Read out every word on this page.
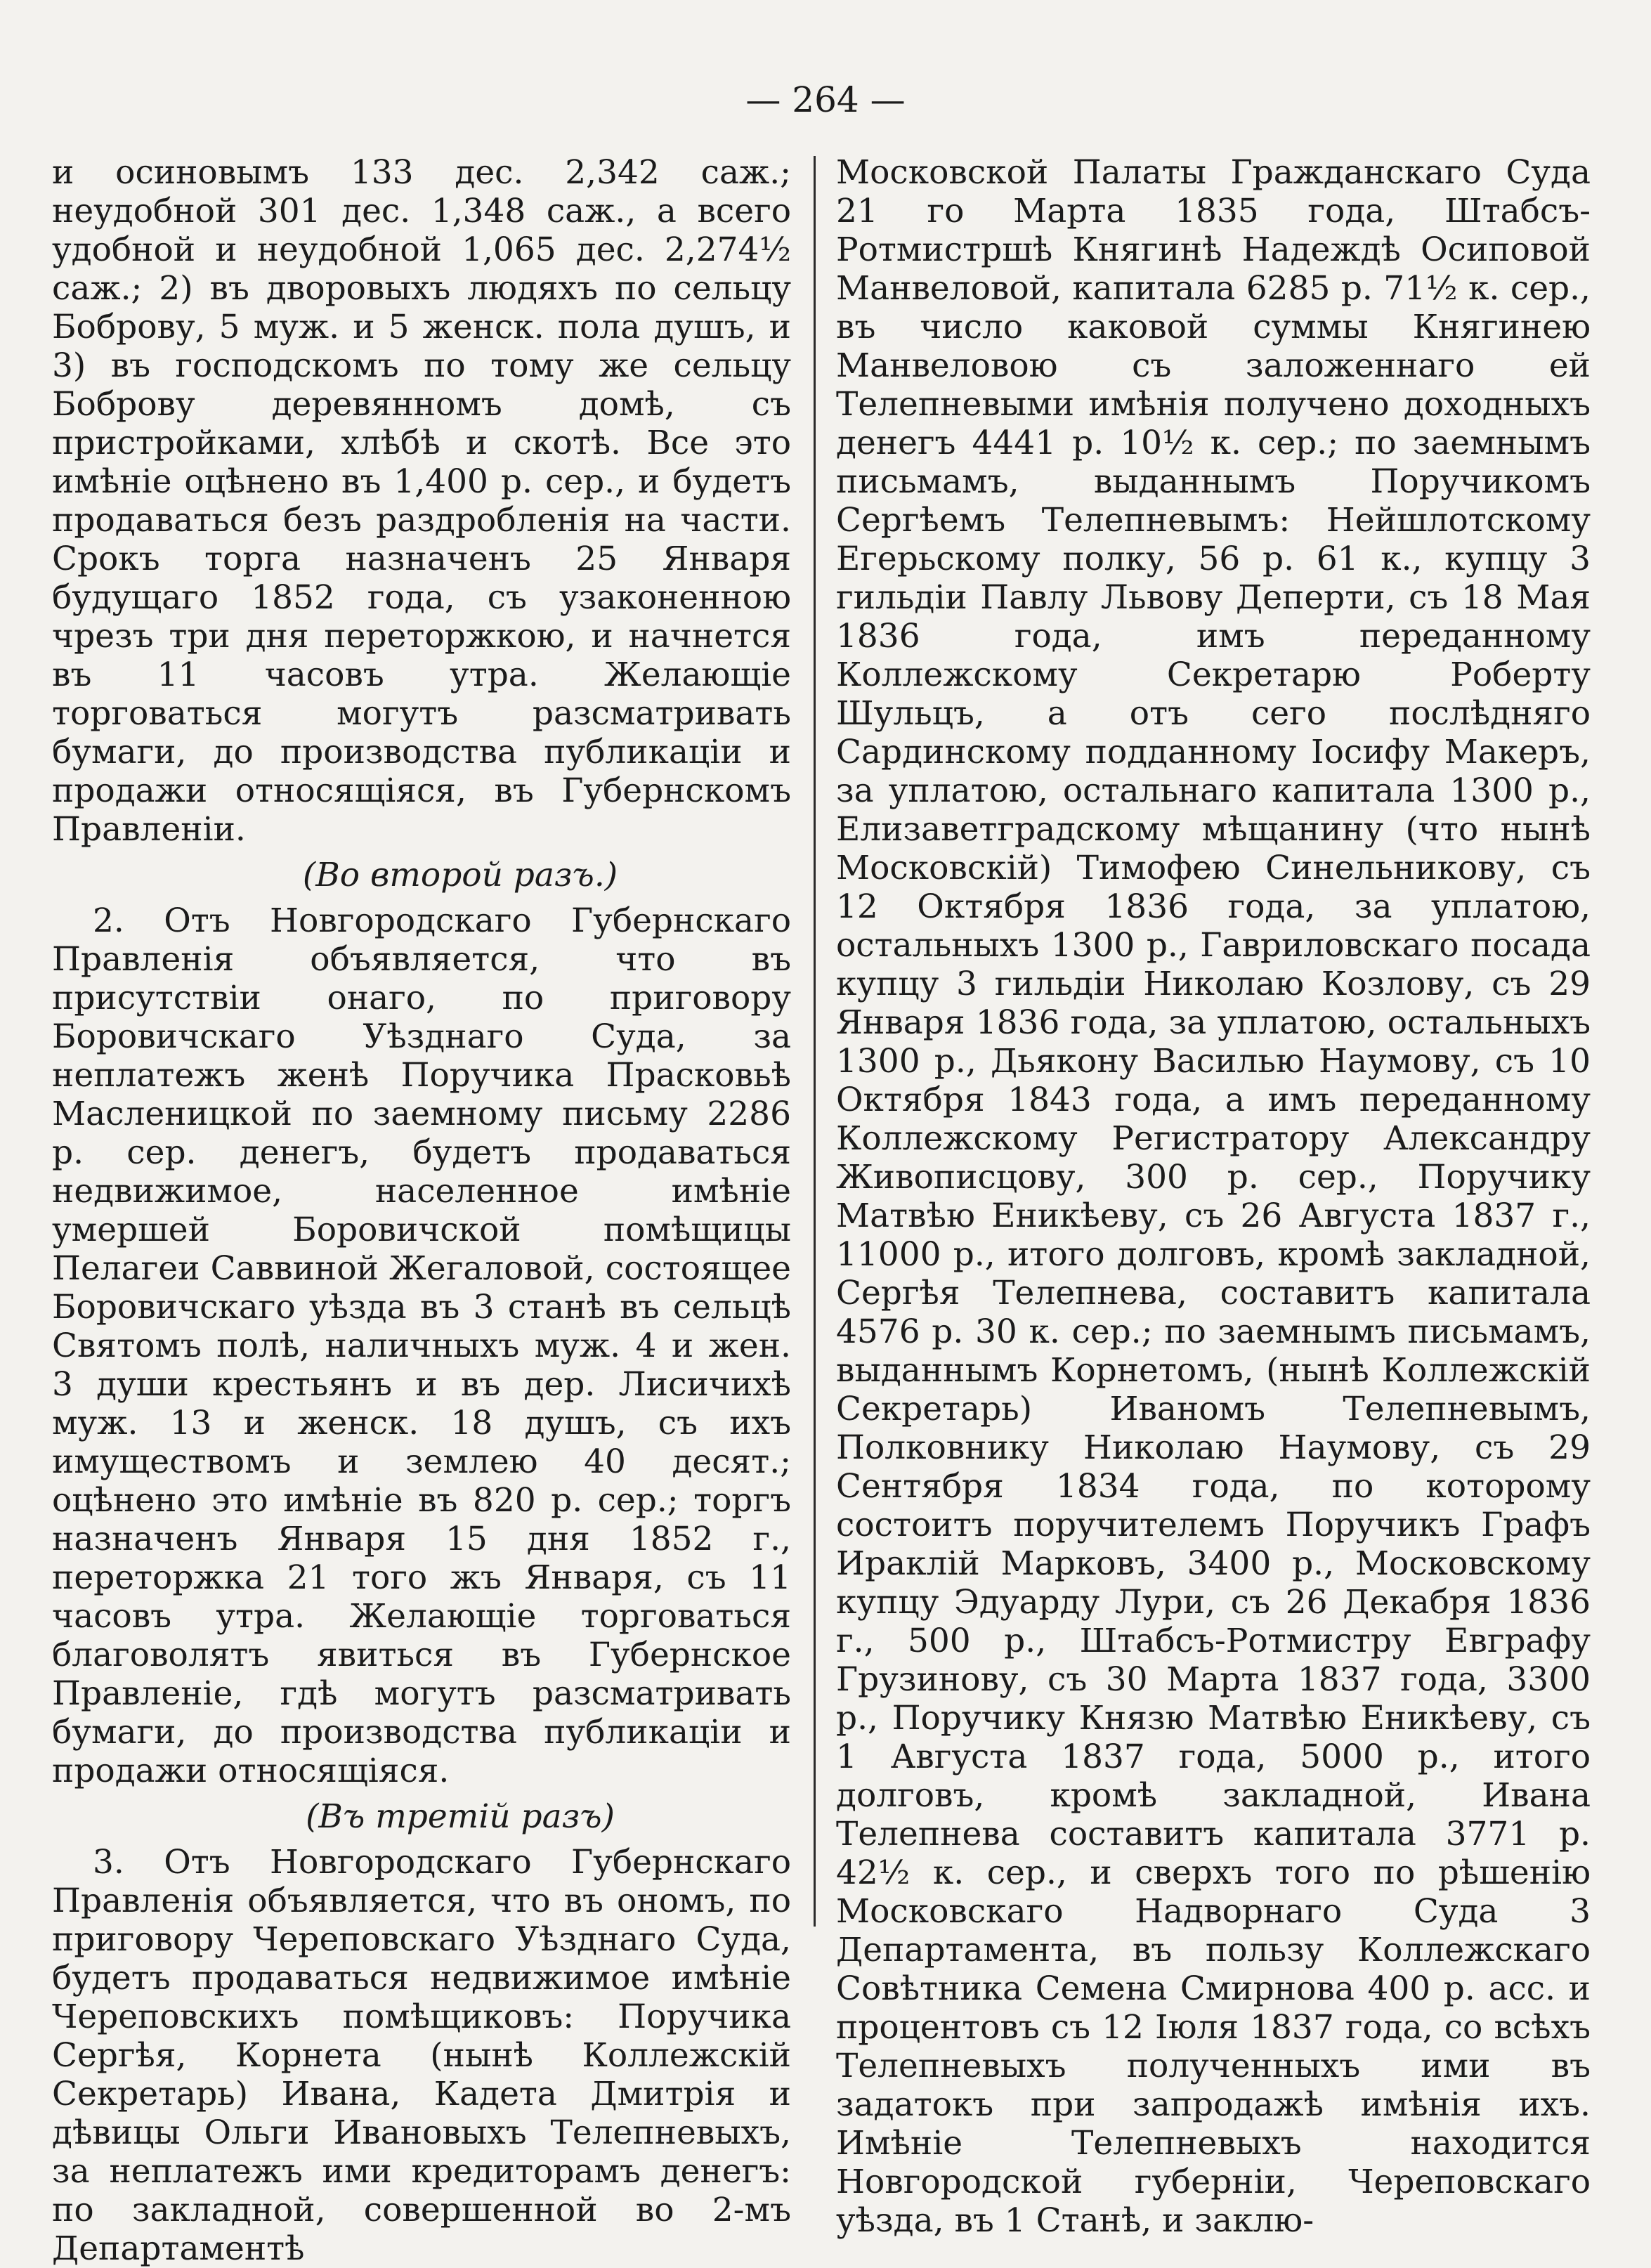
— 264 —

и осиновымъ 133 дес. 2,342 саж.; неудобной 301 дес. 1,348 саж., а всего удобной и неудобной 1,065 дес. 2,274½ саж.; 2) въ дворовыхъ людяхъ по сельцу Боброву, 5 муж. и 5 женск. пола душъ, и 3) въ господскомъ по тому же сельцу Боброву деревянномъ домѣ, съ пристройками, хлѣбѣ и скотѣ. Все это имѣніе оцѣнено въ 1,400 р. сер., и будетъ продаваться безъ раздробленія на части. Срокъ торга назначенъ 25 Января будущаго 1852 года, съ узаконенною чрезъ три дня переторжкою, и начнется въ 11 часовъ утра. Желающіе торговаться могутъ разсматривать бумаги, до производства публикаціи и продажи относящіяся, въ Губернскомъ Правленіи.

(Во второй разъ.)

2. Отъ Новгородскаго Губернскаго Правленія объявляется, что въ присутствіи онаго, по приговору Боровичскаго Уѣзднаго Суда, за неплатежъ женѣ Поручика Прасковьѣ Масленицкой по заемному письму 2286 р. сер. денегъ, будетъ продаваться недвижимое, населенное имѣніе умершей Боровичской помѣщицы Пелагеи Саввиной Жегаловой, состоящее Боровичскаго уѣзда въ 3 станѣ въ сельцѣ Святомъ полѣ, наличныхъ муж. 4 и жен. 3 души крестьянъ и въ дер. Лисичихѣ муж. 13 и женск. 18 душъ, съ ихъ имуществомъ и землею 40 десят.; оцѣнено это имѣніе въ 820 р. сер.; торгъ назначенъ Января 15 дня 1852 г., переторжка 21 того жъ Января, съ 11 часовъ утра. Желающіе торговаться благоволятъ явиться въ Губернское Правленіе, гдѣ могутъ разсматривать бумаги, до производства публикаціи и продажи относящіяся.

(Въ третій разъ)

3. Отъ Новгородскаго Губернскаго Правленія объявляется, что въ ономъ, по приговору Череповскаго Уѣзднаго Суда, будетъ продаваться недвижимое имѣніе Череповскихъ помѣщиковъ: Поручика Сергѣя, Корнета (нынѣ Коллежскій Секретарь) Ивана, Кадета Дмитрія и дѣвицы Ольги Ивановыхъ Телепневыхъ, за неплатежъ ими кредиторамъ денегъ: по закладной, совершенной во 2-мъ Департаментѣ

Московской Палаты Гражданскаго Суда 21 го Марта 1835 года, Штабсъ-Ротмистршѣ Княгинѣ Надеждѣ Осиповой Манвеловой, капитала 6285 р. 71½ к. сер., въ число каковой суммы Княгинею Манвеловою съ заложеннаго ей Телепневыми имѣнія получено доходныхъ денегъ 4441 р. 10½ к. сер.; по заемнымъ письмамъ, выданнымъ Поручикомъ Сергѣемъ Телепневымъ: Нейшлотскому Егерьскому полку, 56 р. 61 к., купцу 3 гильдіи Павлу Львову Деперти, съ 18 Мая 1836 года, имъ переданному Коллежскому Секретарю Роберту Шульцъ, а отъ сего послѣдняго Сардинскому подданному Іосифу Макеръ, за уплатою, остальнаго капитала 1300 р., Елизаветградскому мѣщанину (что нынѣ Московскій) Тимофею Синельникову, съ 12 Октября 1836 года, за уплатою, остальныхъ 1300 р., Гавриловскаго посада купцу 3 гильдіи Николаю Козлову, съ 29 Января 1836 года, за уплатою, остальныхъ 1300 р., Дьякону Василью Наумову, съ 10 Октября 1843 года, а имъ переданному Коллежскому Регистратору Александру Живописцову, 300 р. сер., Поручику Матвѣю Еникѣеву, съ 26 Августа 1837 г., 11000 р., итого долговъ, кромѣ закладной, Сергѣя Телепнева, составитъ капитала 4576 р. 30 к. сер.; по заемнымъ письмамъ, выданнымъ Корнетомъ, (нынѣ Коллежскій Секретарь) Иваномъ Телепневымъ, Полковнику Николаю Наумову, съ 29 Сентября 1834 года, по которому состоитъ поручителемъ Поручикъ Графъ Ираклій Марковъ, 3400 р., Московскому купцу Эдуарду Лури, съ 26 Декабря 1836 г., 500 р., Штабсъ-Ротмистру Евграфу Грузинову, съ 30 Марта 1837 года, 3300 р., Поручику Князю Матвѣю Еникѣеву, съ 1 Августа 1837 года, 5000 р., итого долговъ, кромѣ закладной, Ивана Телепнева составитъ капитала 3771 р. 42½ к. сер., и сверхъ того по рѣшенію Московскаго Надворнаго Суда 3 Департамента, въ пользу Коллежскаго Совѣтника Семена Смирнова 400 р. асс. и процентовъ съ 12 Іюля 1837 года, со всѣхъ Телепневыхъ полученныхъ ими въ задатокъ при запродажѣ имѣнія ихъ. Имѣніе Телепневыхъ находится Новгородской губерніи, Череповскаго уѣзда, въ 1 Станѣ, и заклю-
